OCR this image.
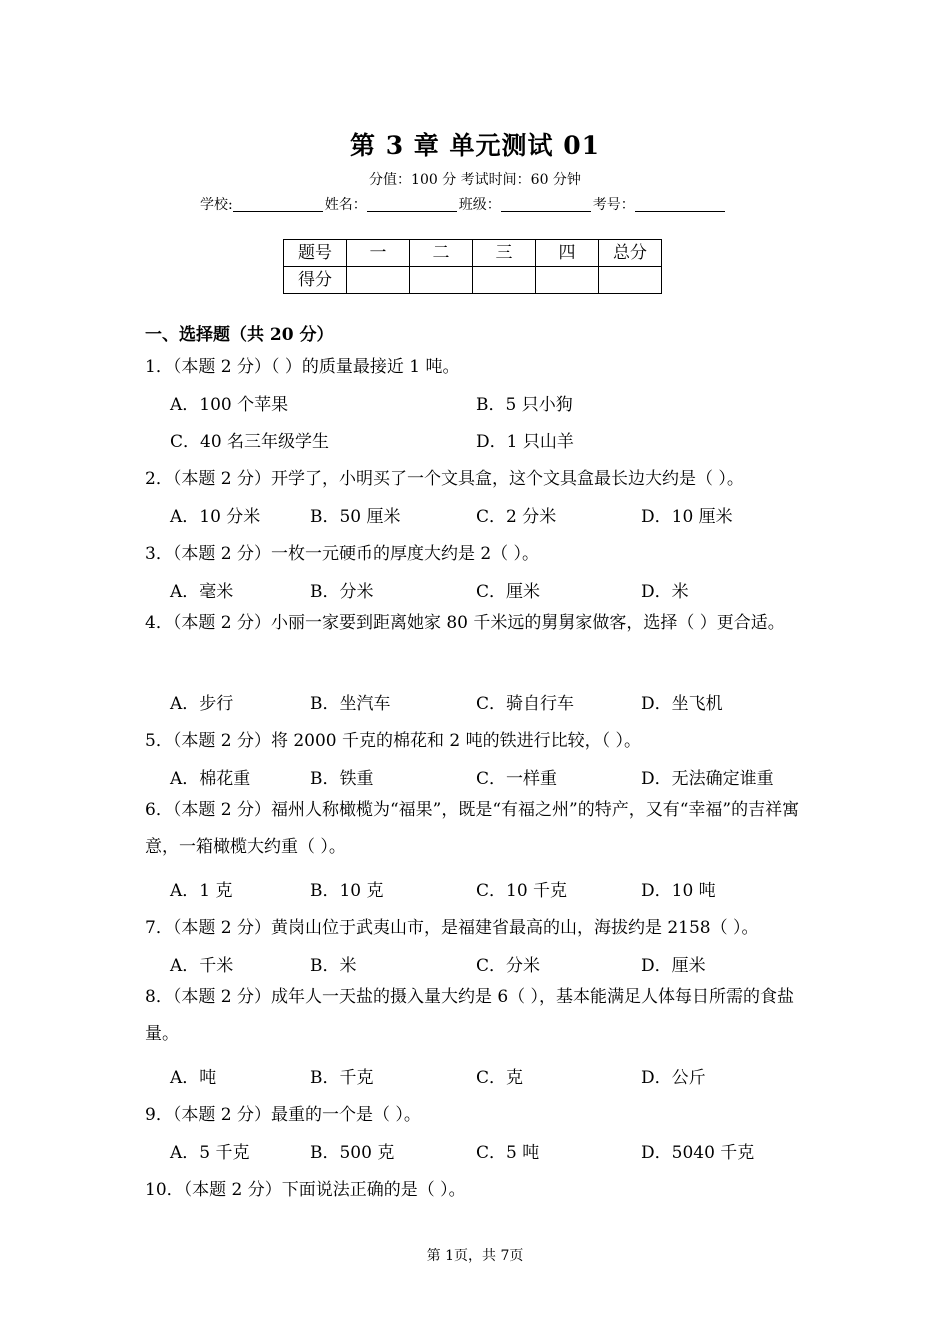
第 3 章 单元测试 01
分值：100 分 考试时间：60 分钟
学校:	姓名：	班级：	考号：
题号	一	二	三	四	总分
得分					
一、选择题（共 20 分）
1．（本题 2 分）（ ）的质量最接近 1 吨。
A．100 个苹果	B．5 只小狗
C．40 名三年级学生	D．1 只山羊
2．（本题 2 分）开学了，小明买了一个文具盒，这个文具盒最长边大约是（ ）。
A．10 分米	B．50 厘米	C．2 分米	D．10 厘米
3．（本题 2 分）一枚一元硬币的厚度大约是 2（ ）。
A．毫米	B．分米	C．厘米	D．米
4．（本题 2 分）小丽一家要到距离她家 80 千米远的舅舅家做客，选择（ ）更合适。
A．步行	B．坐汽车	C．骑自行车	D．坐飞机
5．（本题 2 分）将 2000 千克的棉花和 2 吨的铁进行比较，（ ）。
A．棉花重	B．铁重	C．一样重	D．无法确定谁重
6．（本题 2 分）福州人称橄榄为“福果”，既是“有福之州”的特产，又有“幸福”的吉祥寓意，一箱橄榄大约重（ ）。
A．1 克	B．10 克	C．10 千克	D．10 吨
7．（本题 2 分）黄岗山位于武夷山市，是福建省最高的山，海拔约是 2158（ ）。
A．千米	B．米	C．分米	D．厘米
8．（本题 2 分）成年人一天盐的摄入量大约是 6（ ），基本能满足人体每日所需的食盐量。
A．吨	B．千克	C．克	D．公斤
9．（本题 2 分）最重的一个是（ ）。
A．5 千克	B．500 克	C．5 吨	D．5040 千克
10．（本题 2 分）下面说法正确的是（ ）。
第 1页，共 7页
